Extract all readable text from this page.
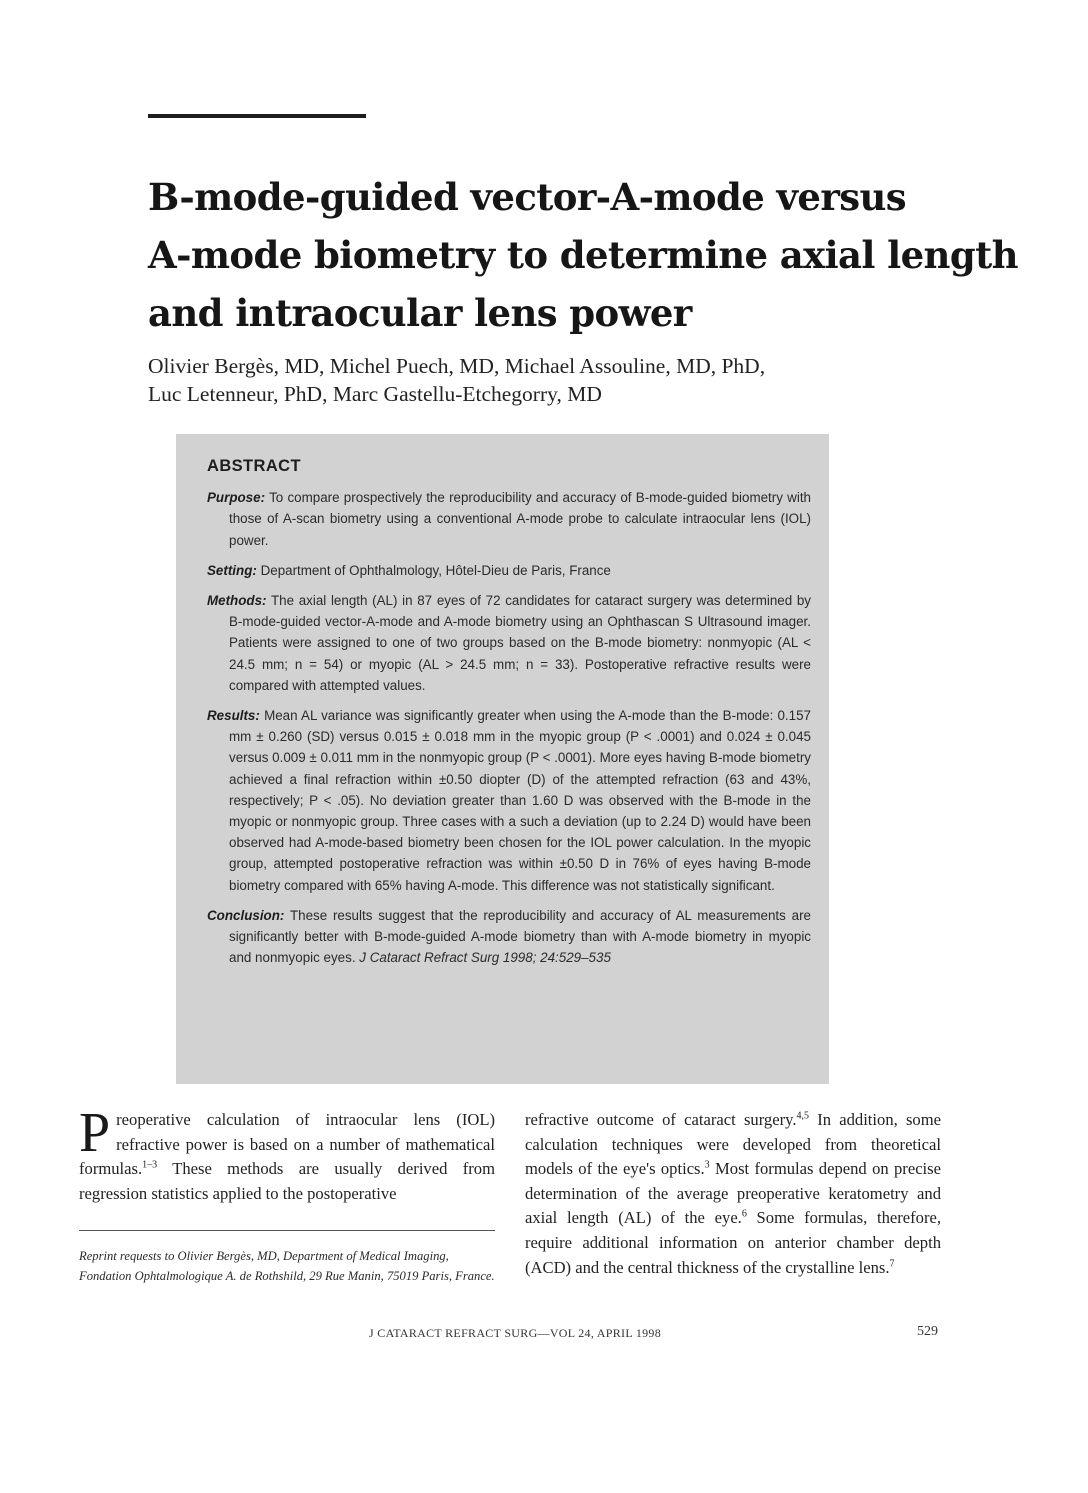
B-mode-guided vector-A-mode versus
A-mode biometry to determine axial length
and intraocular lens power
Olivier Bergès, MD, Michel Puech, MD, Michael Assouline, MD, PhD,
Luc Letenneur, PhD, Marc Gastellu-Etchegorry, MD
ABSTRACT

Purpose: To compare prospectively the reproducibility and accuracy of B-mode-guided biometry with those of A-scan biometry using a conventional A-mode probe to calculate intraocular lens (IOL) power.

Setting: Department of Ophthalmology, Hôtel-Dieu de Paris, France

Methods: The axial length (AL) in 87 eyes of 72 candidates for cataract surgery was determined by B-mode-guided vector-A-mode and A-mode biometry using an Ophthascan S Ultrasound imager. Patients were assigned to one of two groups based on the B-mode biometry: nonmyopic (AL < 24.5 mm; n = 54) or myopic (AL > 24.5 mm; n = 33). Postoperative refractive results were compared with attempted values.

Results: Mean AL variance was significantly greater when using the A-mode than the B-mode: 0.157 mm ± 0.260 (SD) versus 0.015 ± 0.018 mm in the myopic group (P < .0001) and 0.024 ± 0.045 versus 0.009 ± 0.011 mm in the nonmyopic group (P < .0001). More eyes having B-mode biometry achieved a final refraction within ±0.50 diopter (D) of the attempted refraction (63 and 43%, respectively; P < .05). No deviation greater than 1.60 D was observed with the B-mode in the myopic or nonmyopic group. Three cases with a such a deviation (up to 2.24 D) would have been observed had A-mode-based biometry been chosen for the IOL power calculation. In the myopic group, attempted postoperative refraction was within ±0.50 D in 76% of eyes having B-mode biometry compared with 65% having A-mode. This difference was not statistically significant.

Conclusion: These results suggest that the reproducibility and accuracy of AL measurements are significantly better with B-mode-guided A-mode biometry than with A-mode biometry in myopic and nonmyopic eyes. J Cataract Refract Surg 1998; 24:529–535

Preoperative calculation of intraocular lens (IOL) refractive power is based on a number of mathematical formulas.$^{1-3}$ These methods are usually derived from regression statistics applied to the postoperative
refractive outcome of cataract surgery.$^{4,5}$ In addition, some calculation techniques were developed from theoretical models of the eye's optics.$^3$ Most formulas depend on precise determination of the average preoperative keratometry and axial length (AL) of the eye.$^6$ Some formulas, therefore, require additional information on anterior chamber depth (ACD) and the central thickness of the crystalline lens.$^7$
Reprint requests to Olivier Bergès, MD, Department of Medical Imaging, Fondation Ophtalmologique A. de Rothshild, 29 Rue Manin, 75019 Paris, France.
J CATARACT REFRACT SURG—VOL 24, APRIL 1998	529
